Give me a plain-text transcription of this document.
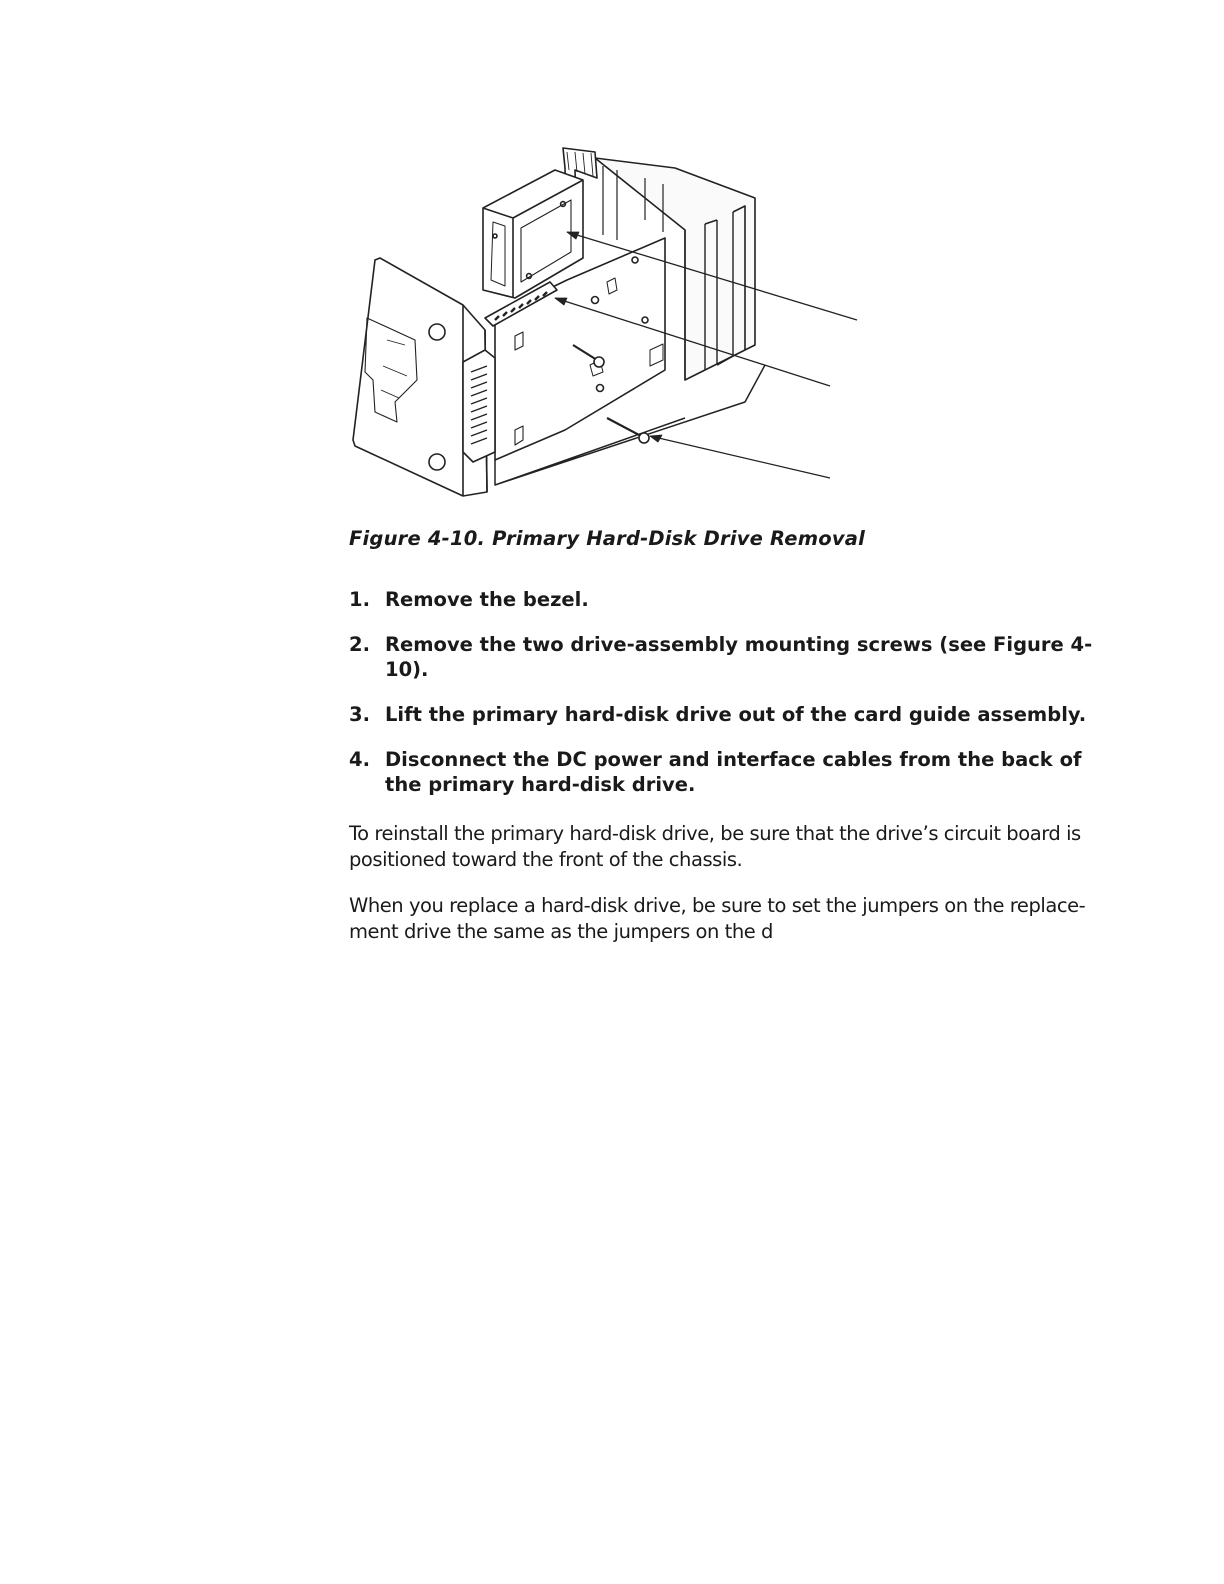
Figure 4-10. Primary Hard-Disk Drive Removal
1. Remove the bezel.
2. Remove the two drive-assembly mounting screws (see Figure 4-10).
3. Lift the primary hard-disk drive out of the card guide assembly.
4. Disconnect the DC power and interface cables from the back of the primary hard-disk drive.

To reinstall the primary hard-disk drive, be sure that the drive’s circuit board is positioned toward the front of the chassis.

When you replace a hard-disk drive, be sure to set the jumpers on the replace-ment drive the same as the jumpers on the d
